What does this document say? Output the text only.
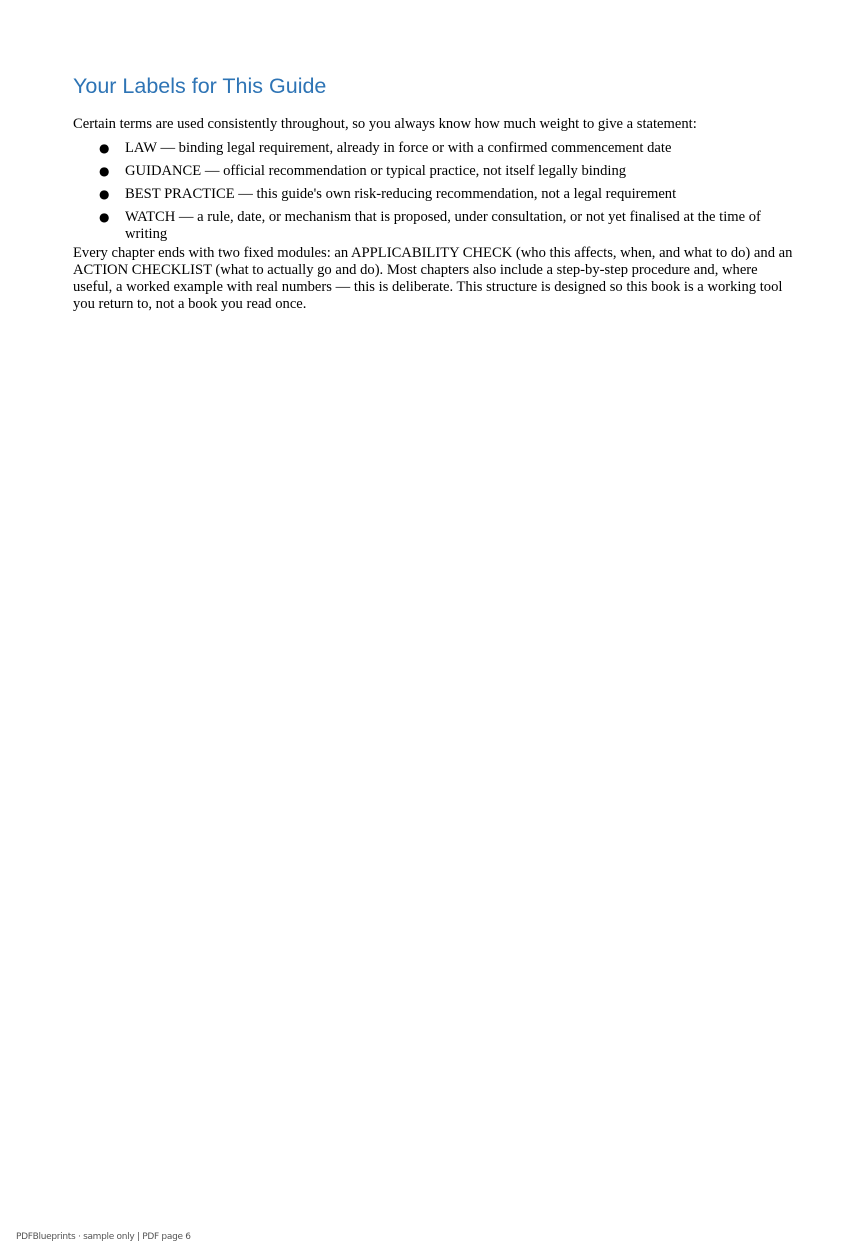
Your Labels for This Guide

Certain terms are used consistently throughout, so you always know how much weight to give a statement:

● LAW — binding legal requirement, already in force or with a confirmed commencement date
● GUIDANCE — official recommendation or typical practice, not itself legally binding
● BEST PRACTICE — this guide's own risk-reducing recommendation, not a legal requirement
● WATCH — a rule, date, or mechanism that is proposed, under consultation, or not yet finalised at the time of writing

Every chapter ends with two fixed modules: an APPLICABILITY CHECK (who this affects, when, and what to do) and an ACTION CHECKLIST (what to actually go and do). Most chapters also include a step-by-step procedure and, where useful, a worked example with real numbers — this is deliberate. This structure is designed so this book is a working tool you return to, not a book you read once.

PDFBlueprints · sample only | PDF page 6
